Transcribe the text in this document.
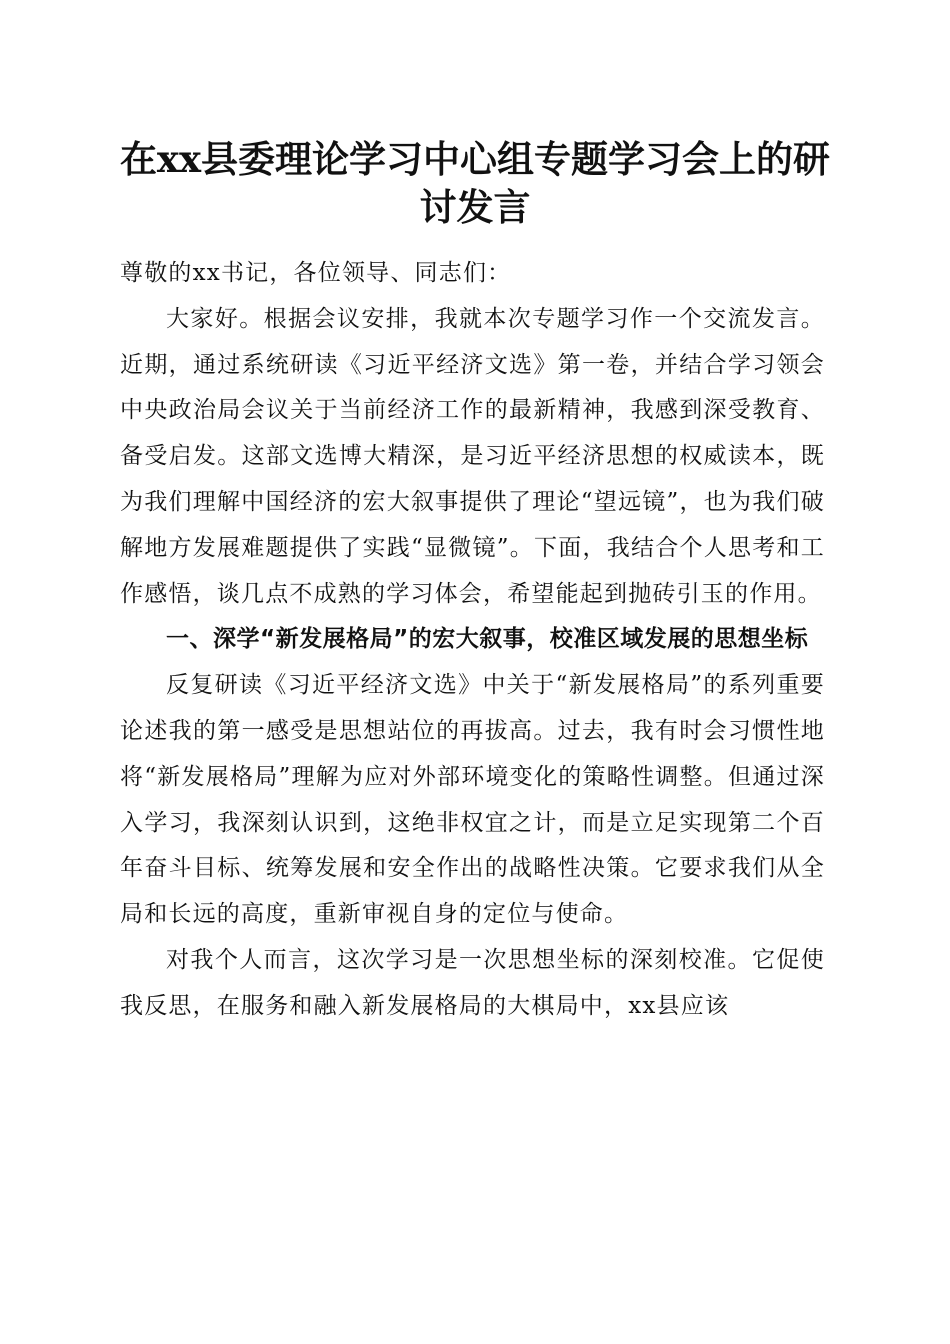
在xx县委理论学习中心组专题学习会上的研讨发言

尊敬的xx书记，各位领导、同志们：

大家好。根据会议安排，我就本次专题学习作一个交流发言。近期，通过系统研读《习近平经济文选》第一卷，并结合学习领会中央政治局会议关于当前经济工作的最新精神，我感到深受教育、备受启发。这部文选博大精深，是习近平经济思想的权威读本，既为我们理解中国经济的宏大叙事提供了理论“望远镜”，也为我们破解地方发展难题提供了实践“显微镜”。下面，我结合个人思考和工作感悟，谈几点不成熟的学习体会，希望能起到抛砖引玉的作用。

一、深学“新发展格局”的宏大叙事，校准区域发展的思想坐标

反复研读《习近平经济文选》中关于“新发展格局”的系列重要论述我的第一感受是思想站位的再拔高。过去，我有时会习惯性地将“新发展格局”理解为应对外部环境变化的策略性调整。但通过深入学习，我深刻认识到，这绝非权宜之计，而是立足实现第二个百年奋斗目标、统筹发展和安全作出的战略性决策。它要求我们从全局和长远的高度，重新审视自身的定位与使命。

对我个人而言，这次学习是一次思想坐标的深刻校准。它促使我反思，在服务和融入新发展格局的大棋局中，xx县应该
